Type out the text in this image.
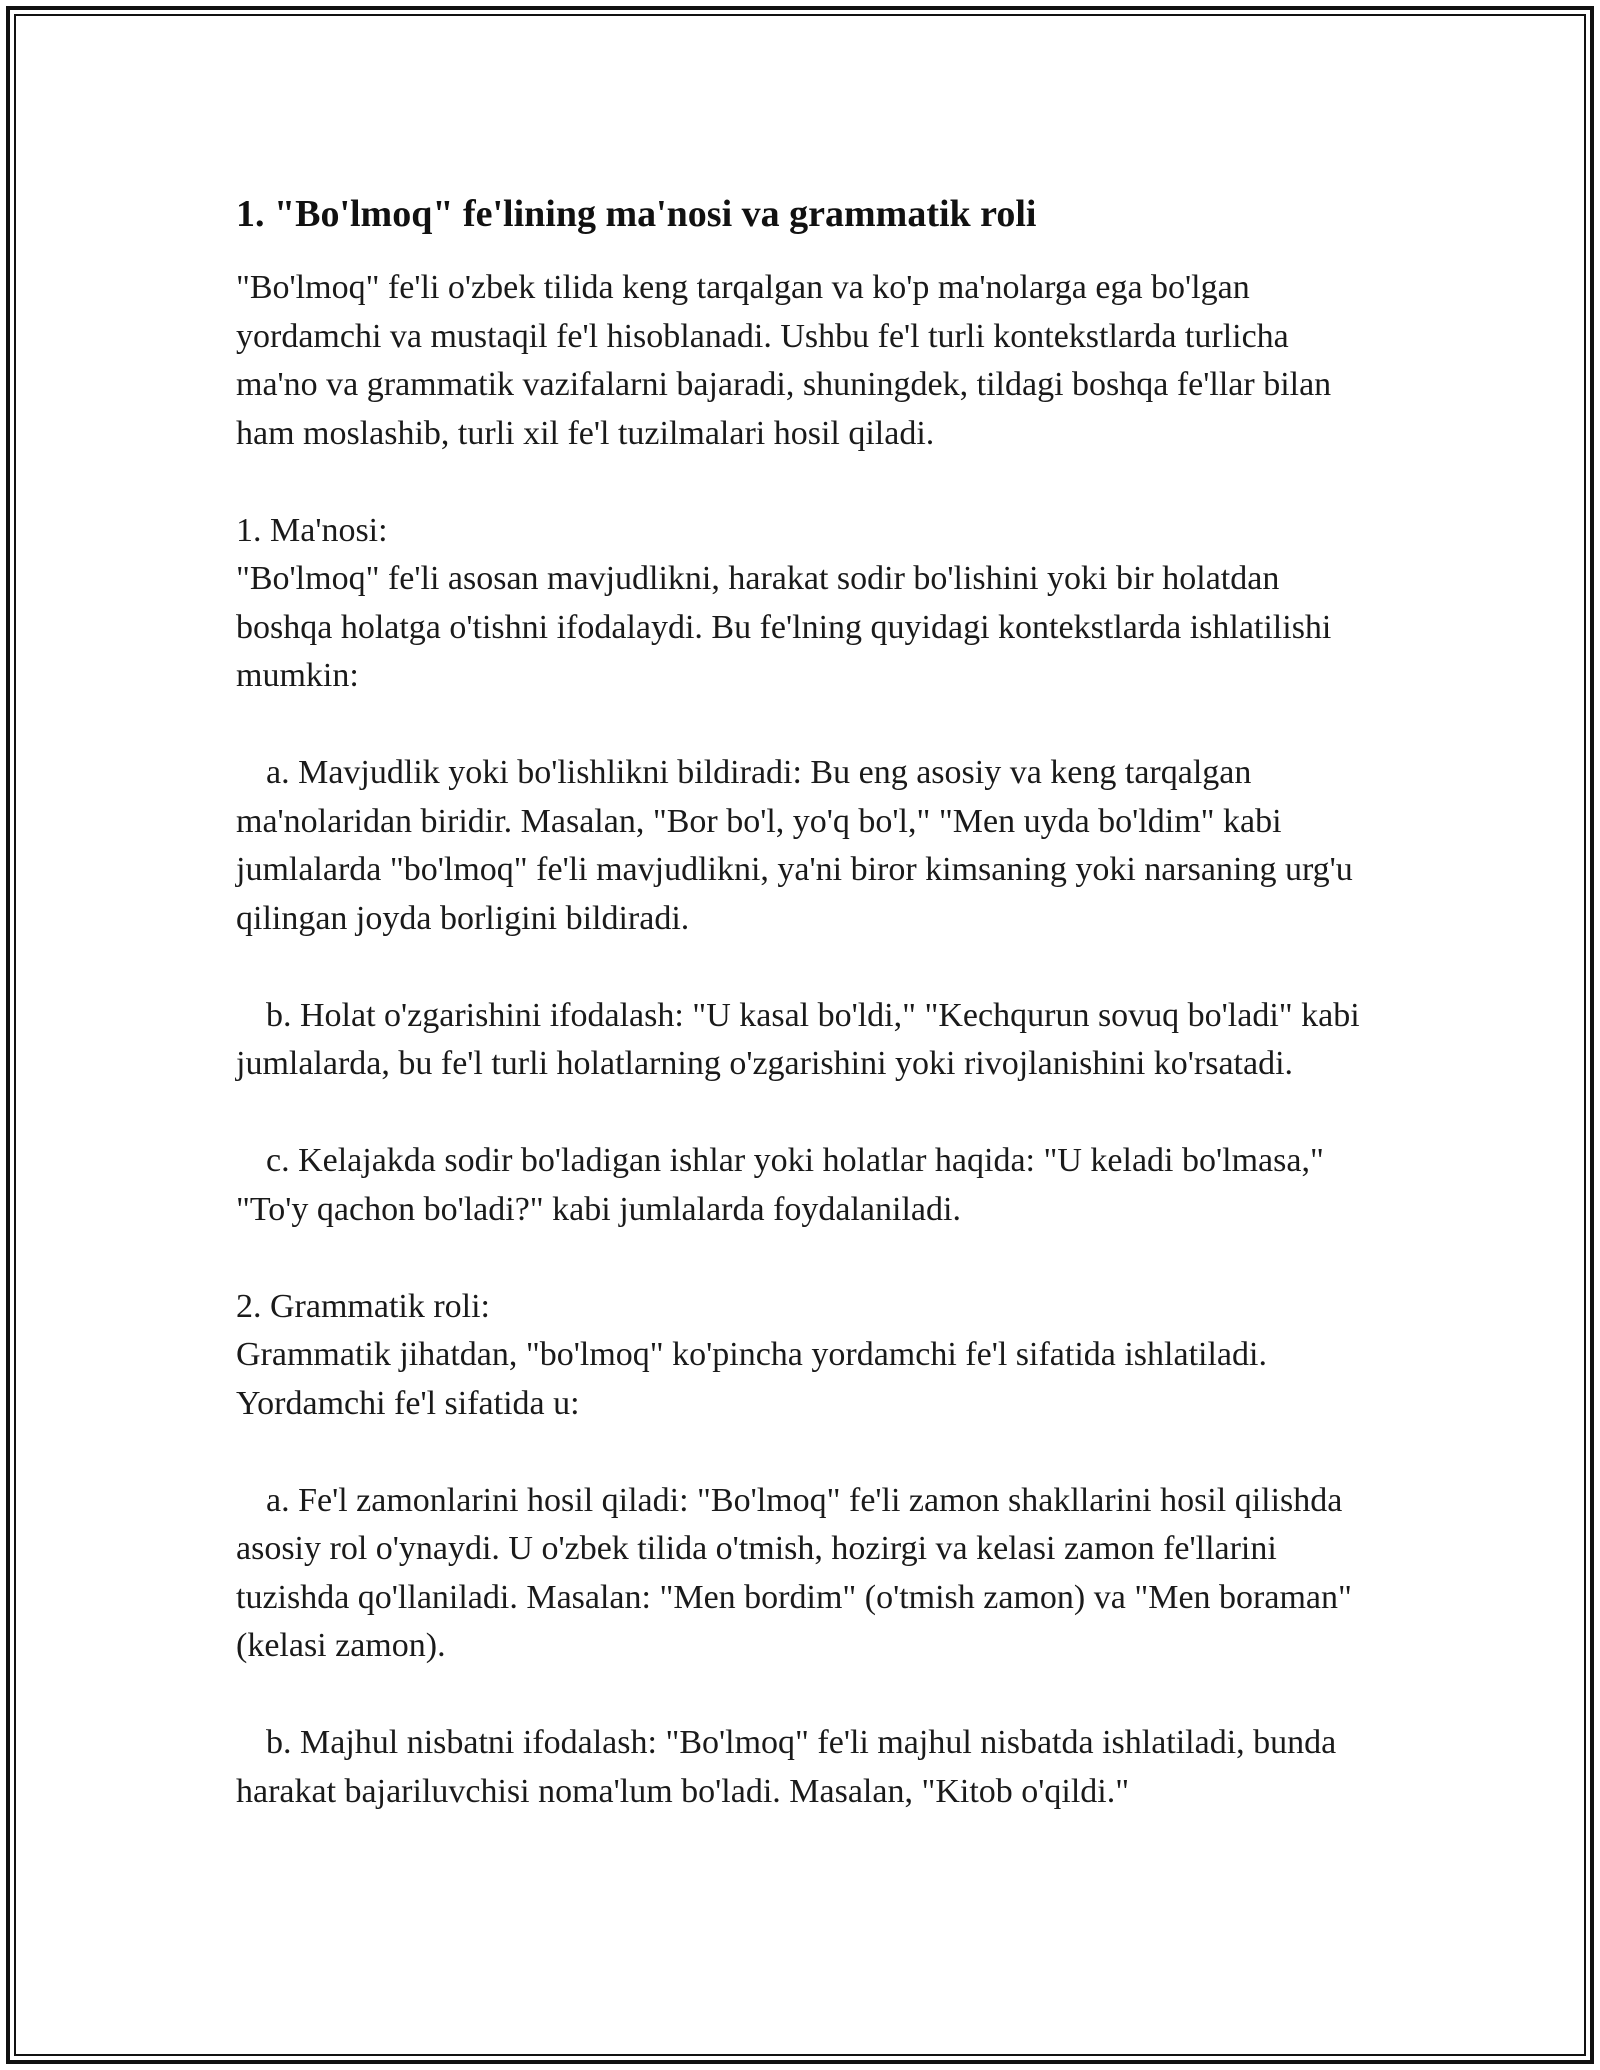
1. "Bo'lmoq" fe'lining ma'nosi va grammatik roli

"Bo'lmoq" fe'li o'zbek tilida keng tarqalgan va ko'p ma'nolarga ega bo'lgan yordamchi va mustaqil fe'l hisoblanadi. Ushbu fe'l turli kontekstlarda turlicha ma'no va grammatik vazifalarni bajaradi, shuningdek, tildagi boshqa fe'llar bilan ham moslashib, turli xil fe'l tuzilmalari hosil qiladi.

1. Ma'nosi:

"Bo'lmoq" fe'li asosan mavjudlikni, harakat sodir bo'lishini yoki bir holatdan boshqa holatga o'tishni ifodalaydi. Bu fe'lning quyidagi kontekstlarda ishlatilishi mumkin:

a. Mavjudlik yoki bo'lishlikni bildiradi: Bu eng asosiy va keng tarqalgan ma'nolaridan biridir. Masalan, "Bor bo'l, yo'q bo'l," "Men uyda bo'ldim" kabi jumlalarda "bo'lmoq" fe'li mavjudlikni, ya'ni biror kimsaning yoki narsaning urg'u qilingan joyda borligini bildiradi.

b. Holat o'zgarishini ifodalash: "U kasal bo'ldi," "Kechqurun sovuq bo'ladi" kabi jumlalarda, bu fe'l turli holatlarning o'zgarishini yoki rivojlanishini ko'rsatadi.

c. Kelajakda sodir bo'ladigan ishlar yoki holatlar haqida: "U keladi bo'lmasa," "To'y qachon bo'ladi?" kabi jumlalarda foydalaniladi.

2. Grammatik roli:

Grammatik jihatdan, "bo'lmoq" ko'pincha yordamchi fe'l sifatida ishlatiladi. Yordamchi fe'l sifatida u:

a. Fe'l zamonlarini hosil qiladi: "Bo'lmoq" fe'li zamon shakllarini hosil qilishda asosiy rol o'ynaydi. U o'zbek tilida o'tmish, hozirgi va kelasi zamon fe'llarini tuzishda qo'llaniladi. Masalan: "Men bordim" (o'tmish zamon) va "Men boraman" (kelasi zamon).

b. Majhul nisbatni ifodalash: "Bo'lmoq" fe'li majhul nisbatda ishlatiladi, bunda harakat bajariluvchisi noma'lum bo'ladi. Masalan, "Kitob o'qildi."
